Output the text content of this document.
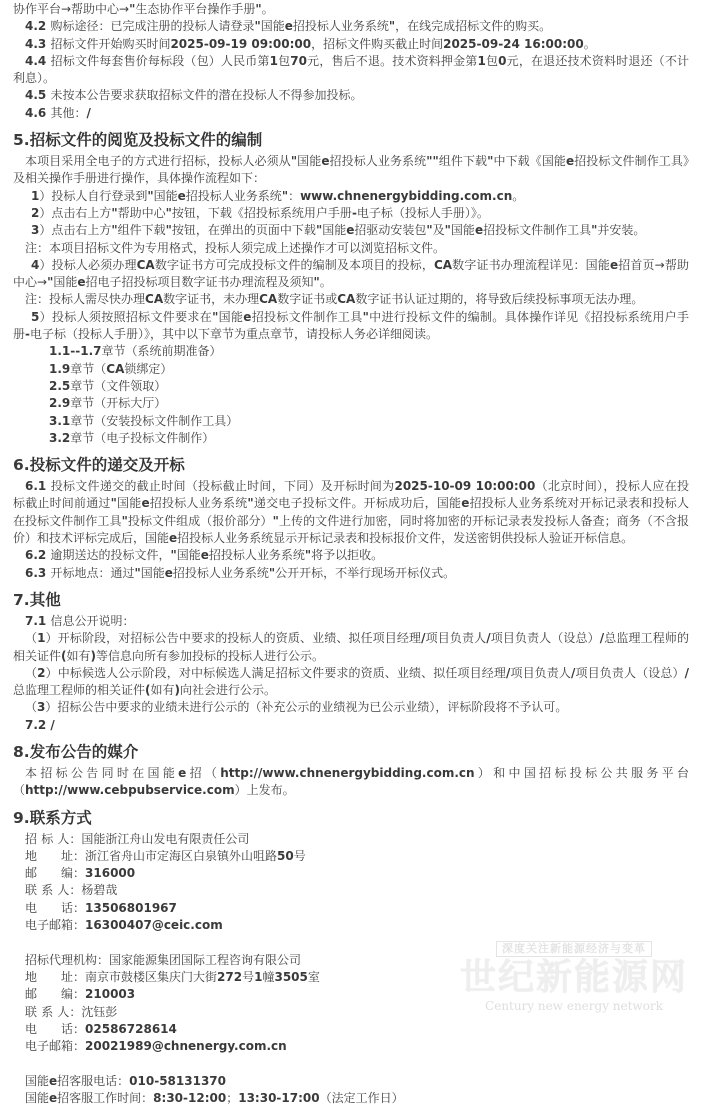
协作平台→帮助中心→"生态协作平台操作手册"。

4.2 购标途径：已完成注册的投标人请登录"国能e招投标人业务系统"，在线完成招标文件的购买。

4.3 招标文件开始购买时间2025-09-19 09:00:00，招标文件购买截止时间2025-09-24 16:00:00。

4.4 招标文件每套售价每标段（包）人民币第1包70元，售后不退。技术资料押金第1包0元，在退还技术资料时退还（不计利息）。

4.5 未按本公告要求获取招标文件的潜在投标人不得参加投标。

4.6 其他：/

5.招标文件的阅览及投标文件的编制

本项目采用全电子的方式进行招标，投标人必须从"国能e招投标人业务系统""组件下载"中下载《国能e招投标文件制作工具》及相关操作手册进行操作，具体操作流程如下：

1）投标人自行登录到"国能e招投标人业务系统"：www.chnenergybidding.com.cn。

2）点击右上方"帮助中心"按钮，下载《招投标系统用户手册-电子标（投标人手册）》。

3）点击右上方"组件下载"按钮，在弹出的页面中下载"国能e招驱动安装包"及"国能e招投标文件制作工具"并安装。

注：本项目招标文件为专用格式，投标人须完成上述操作才可以浏览招标文件。

4）投标人必须办理CA数字证书方可完成投标文件的编制及本项目的投标，CA数字证书办理流程详见：国能e招首页→帮助中心→"国能e招电子招投标项目数字证书办理流程及须知"。

注：投标人需尽快办理CA数字证书，未办理CA数字证书或CA数字证书认证过期的，将导致后续投标事项无法办理。

5）投标人须按照招标文件要求在"国能e招投标文件制作工具"中进行投标文件的编制。具体操作详见《招投标系统用户手册-电子标（投标人手册）》，其中以下章节为重点章节，请投标人务必详细阅读。

1.1--1.7章节（系统前期准备）

1.9章节（CA锁绑定）

2.5章节（文件领取）

2.9章节（开标大厅）

3.1章节（安装投标文件制作工具）

3.2章节（电子投标文件制作）

6.投标文件的递交及开标

6.1 投标文件递交的截止时间（投标截止时间，下同）及开标时间为2025-10-09 10:00:00（北京时间），投标人应在投标截止时间前通过"国能e招投标人业务系统"递交电子投标文件。开标成功后，国能e招投标人业务系统对开标记录表和投标人在投标文件制作工具"投标文件组成（报价部分）"上传的文件进行加密，同时将加密的开标记录表发投标人备查；商务（不含报价）和技术评标完成后，国能e招投标人业务系统显示开标记录表和投标报价文件，发送密钥供投标人验证开标信息。

6.2 逾期送达的投标文件，"国能e招投标人业务系统"将予以拒收。

6.3 开标地点：通过"国能e招投标人业务系统"公开开标，不举行现场开标仪式。

7.其他

7.1 信息公开说明：

（1）开标阶段，对招标公告中要求的投标人的资质、业绩、拟任项目经理/项目负责人/项目负责人（设总）/总监理工程师的相关证件(如有)等信息向所有参加投标的投标人进行公示。

（2）中标候选人公示阶段，对中标候选人满足招标文件要求的资质、业绩、拟任项目经理/项目负责人/项目负责人（设总）/总监理工程师的相关证件(如有)向社会进行公示。

（3）招标公告中要求的业绩未进行公示的（补充公示的业绩视为已公示业绩），评标阶段将不予认可。

7.2 /

8.发布公告的媒介

本招标公告同时在国能e招（http://www.chnenergybidding.com.cn）和中国招标投标公共服务平台（http://www.cebpubservice.com）上发布。

9.联系方式

招 标 人：国能浙江舟山发电有限责任公司

地　　址：浙江省舟山市定海区白泉镇外山咀路50号

邮　　编：316000

联 系 人：杨碧哉

电　　话：13506801967

电子邮箱：16300407@ceic.com

招标代理机构：国家能源集团国际工程咨询有限公司

地　　址：南京市鼓楼区集庆门大街272号1幢3505室

邮　　编：210003

联 系 人：沈钰彭

电　　话：02586728614

电子邮箱：20021989@chnenergy.com.cn

国能e招客服电话：010-58131370

国能e招客服工作时间：8:30-12:00；13:30-17:00（法定工作日）

深度关注新能源经济与变革
世纪新能源网
Century new energy network
